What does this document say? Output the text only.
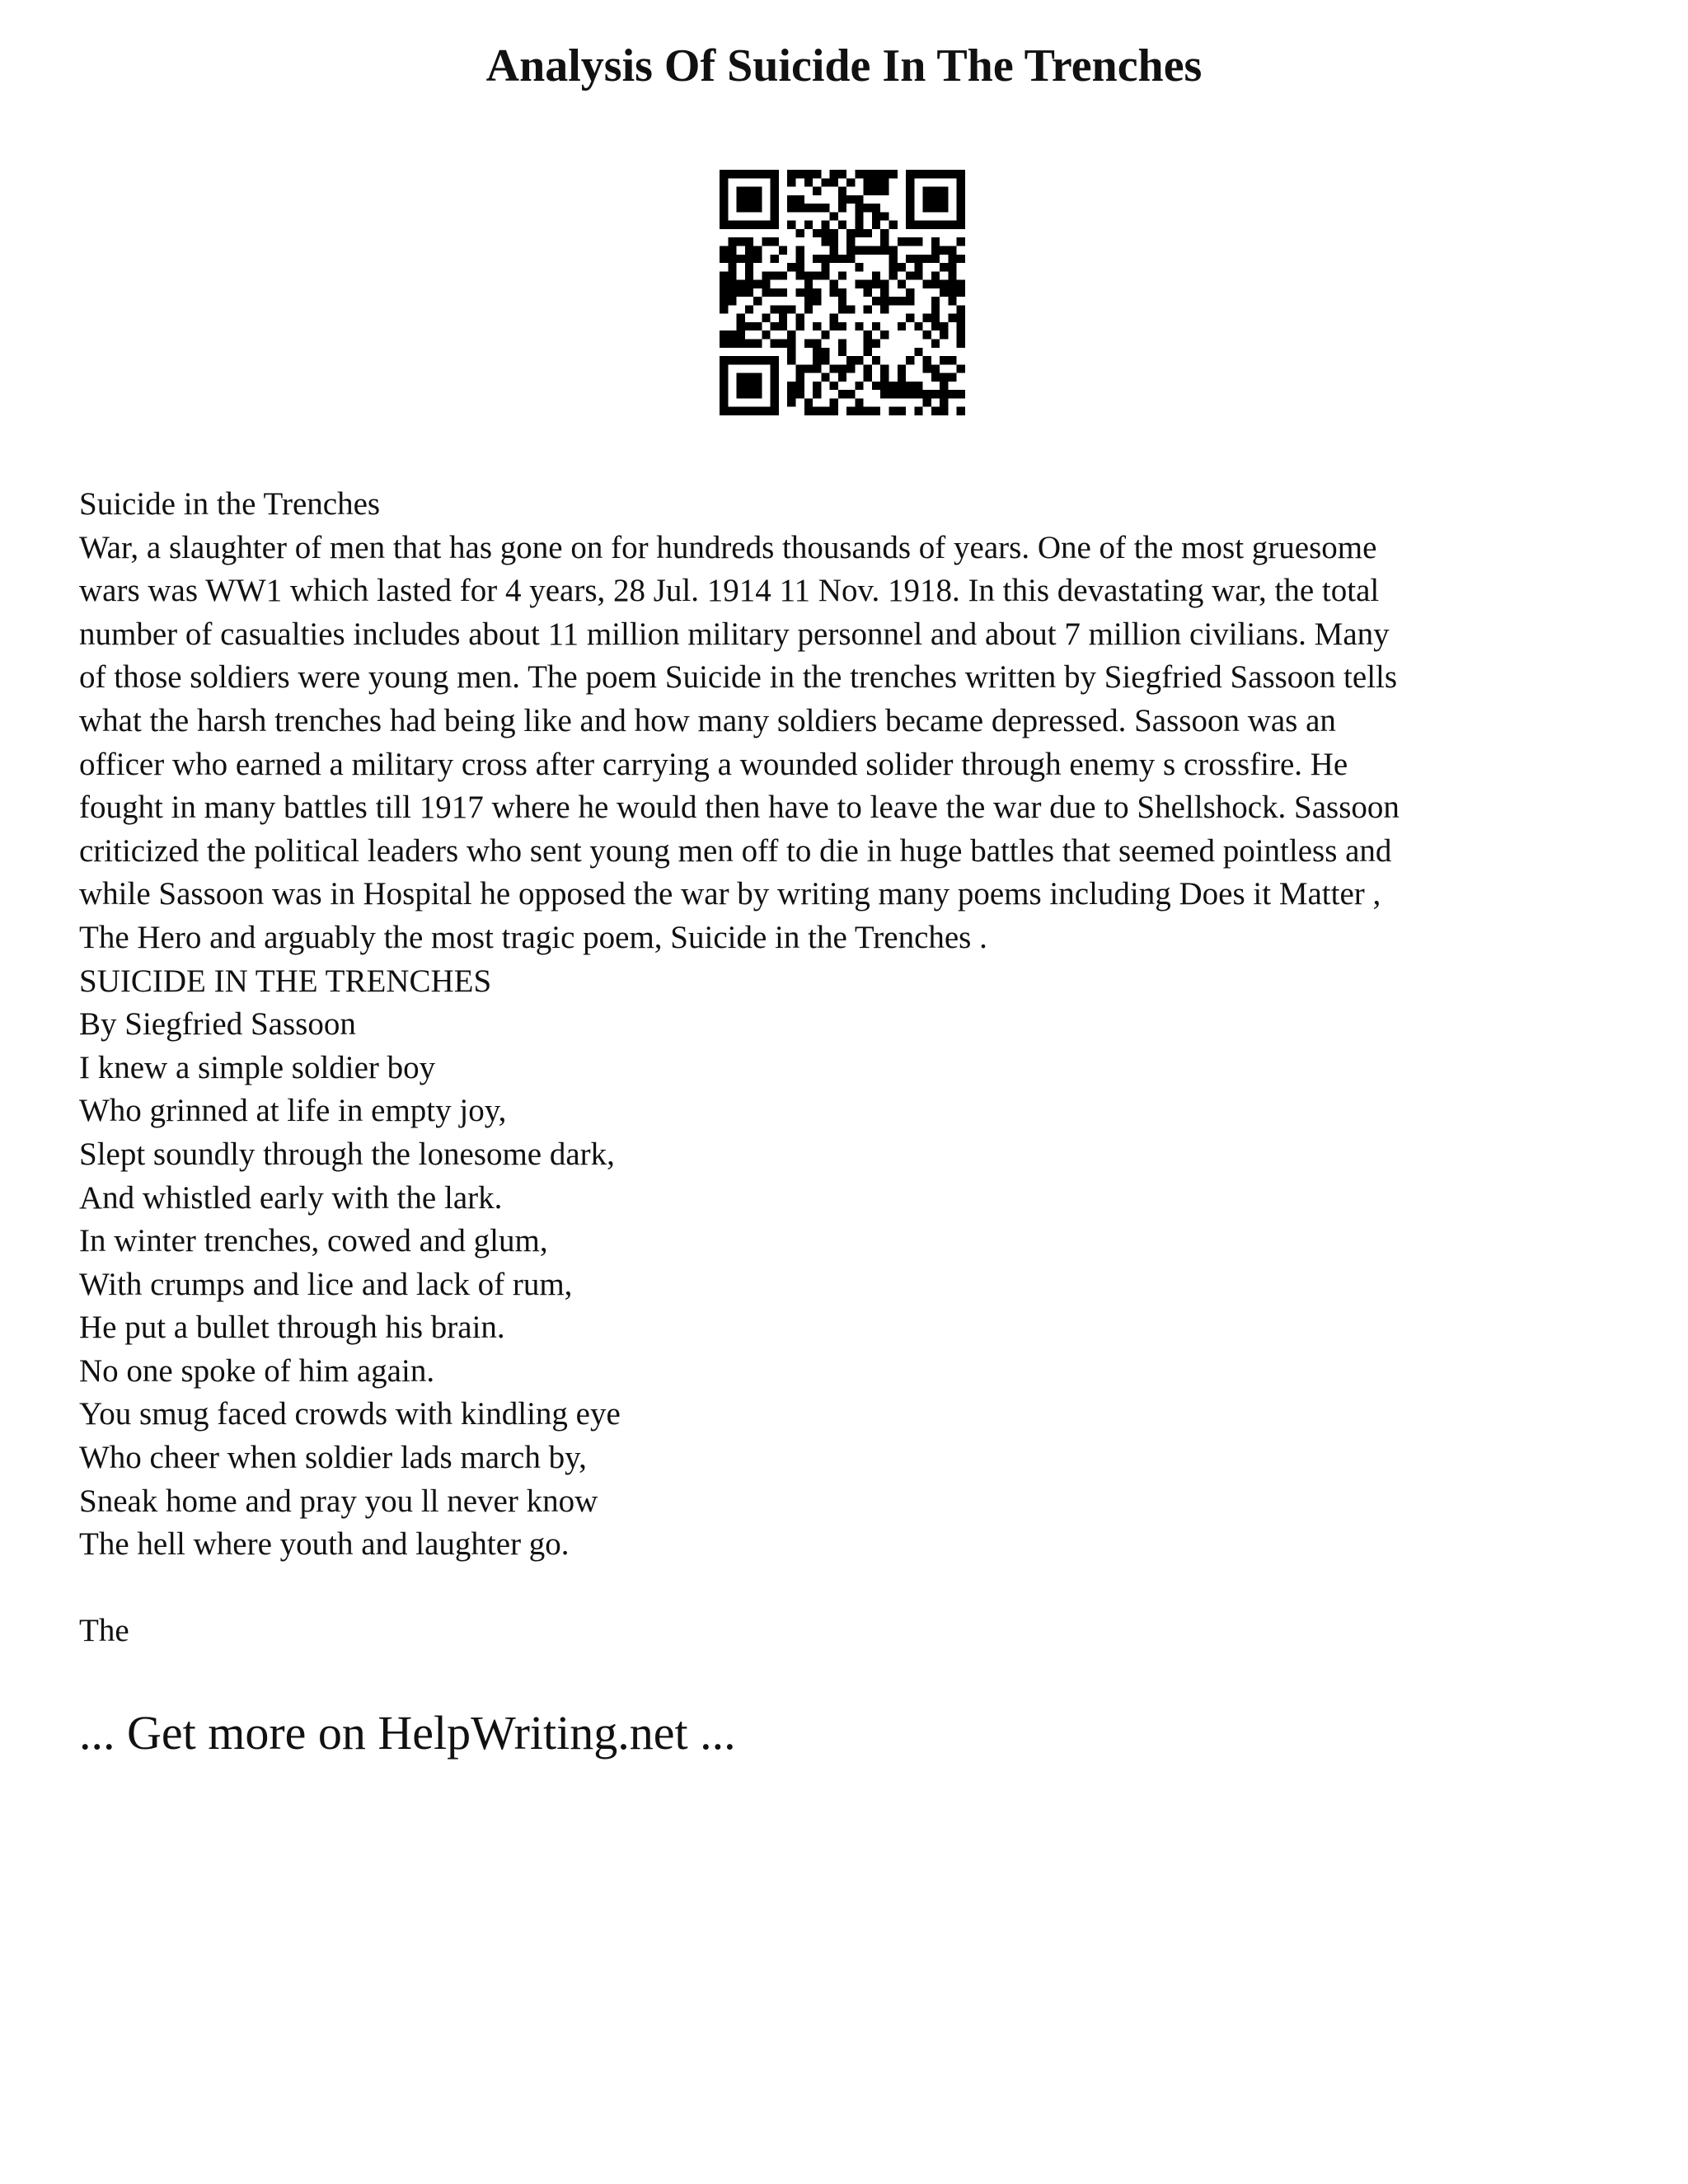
Analysis Of Suicide In The Trenches

Suicide in the Trenches

War, a slaughter of men that has gone on for hundreds thousands of years. One of the most gruesome

wars was WW1 which lasted for 4 years, 28 Jul. 1914 11 Nov. 1918. In this devastating war, the total

number of casualties includes about 11 million military personnel and about 7 million civilians. Many

of those soldiers were young men. The poem Suicide in the trenches written by Siegfried Sassoon tells

what the harsh trenches had being like and how many soldiers became depressed. Sassoon was an

officer who earned a military cross after carrying a wounded solider through enemy s crossfire. He

fought in many battles till 1917 where he would then have to leave the war due to Shellshock. Sassoon

criticized the political leaders who sent young men off to die in huge battles that seemed pointless and

while Sassoon was in Hospital he opposed the war by writing many poems including Does it Matter ,

The Hero and arguably the most tragic poem, Suicide in the Trenches .

SUICIDE IN THE TRENCHES

By Siegfried Sassoon

I knew a simple soldier boy

Who grinned at life in empty joy,

Slept soundly through the lonesome dark,

And whistled early with the lark.

In winter trenches, cowed and glum,

With crumps and lice and lack of rum,

He put a bullet through his brain.

No one spoke of him again.

You smug faced crowds with kindling eye

Who cheer when soldier lads march by,

Sneak home and pray you ll never know

The hell where youth and laughter go.

The

... Get more on HelpWriting.net ...
